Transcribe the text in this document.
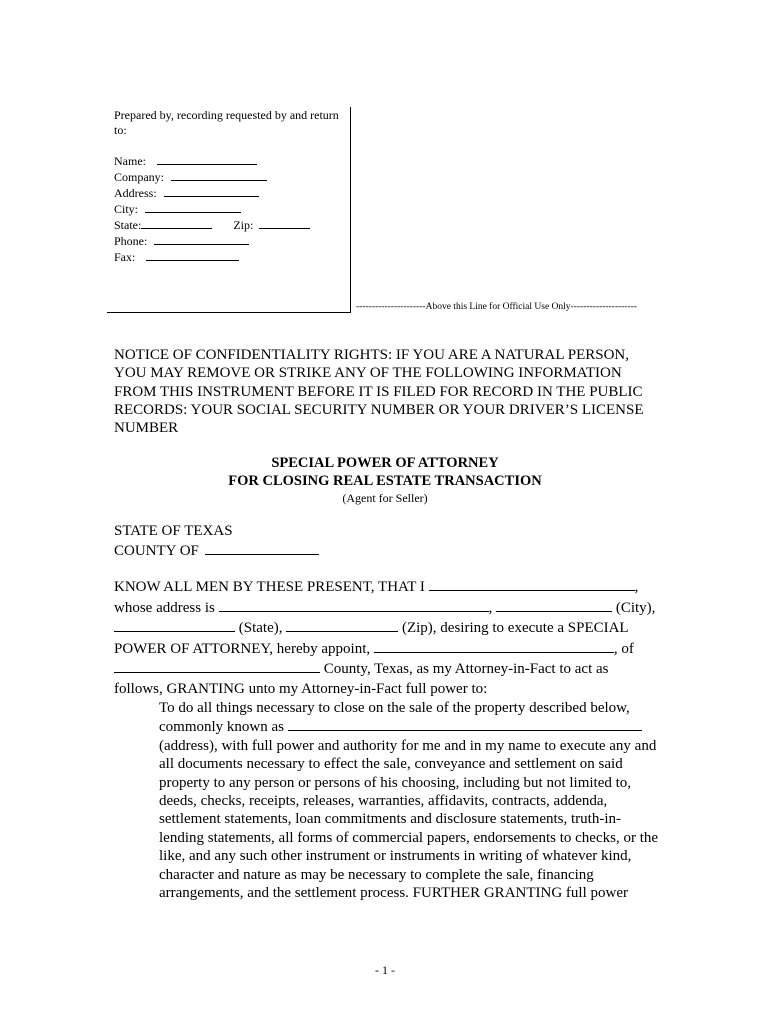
Prepared by, recording requested by and return to:
Name:
Company:
Address:
City:
State:	Zip:
Phone:
Fax:
----------------------Above this Line for Official Use Only---------------------
NOTICE OF CONFIDENTIALITY RIGHTS: IF YOU ARE A NATURAL PERSON, YOU MAY REMOVE OR STRIKE ANY OF THE FOLLOWING INFORMATION FROM THIS INSTRUMENT BEFORE IT IS FILED FOR RECORD IN THE PUBLIC RECORDS: YOUR SOCIAL SECURITY NUMBER OR YOUR DRIVER’S LICENSE NUMBER
SPECIAL POWER OF ATTORNEY
FOR CLOSING REAL ESTATE TRANSACTION
(Agent for Seller)
STATE OF TEXAS
COUNTY OF
KNOW ALL MEN BY THESE PRESENT, THAT I	,
whose address is	,	(City),
(State),	(Zip), desiring to execute a SPECIAL
POWER OF ATTORNEY, hereby appoint,	, of
County, Texas, as my Attorney-in-Fact to act as
follows, GRANTING unto my Attorney-in-Fact full power to:
To do all things necessary to close on the sale of the property described below,
commonly known as
(address), with full power and authority for me and in my name to execute any and all documents necessary to effect the sale, conveyance and settlement on said property to any person or persons of his choosing, including but not limited to, deeds, checks, receipts, releases, warranties, affidavits, contracts, addenda, settlement statements, loan commitments and disclosure statements, truth-in-lending statements, all forms of commercial papers, endorsements to checks, or the like, and any such other instrument or instruments in writing of whatever kind, character and nature as may be necessary to complete the sale, financing arrangements, and the settlement process. FURTHER GRANTING full power
- 1 -
